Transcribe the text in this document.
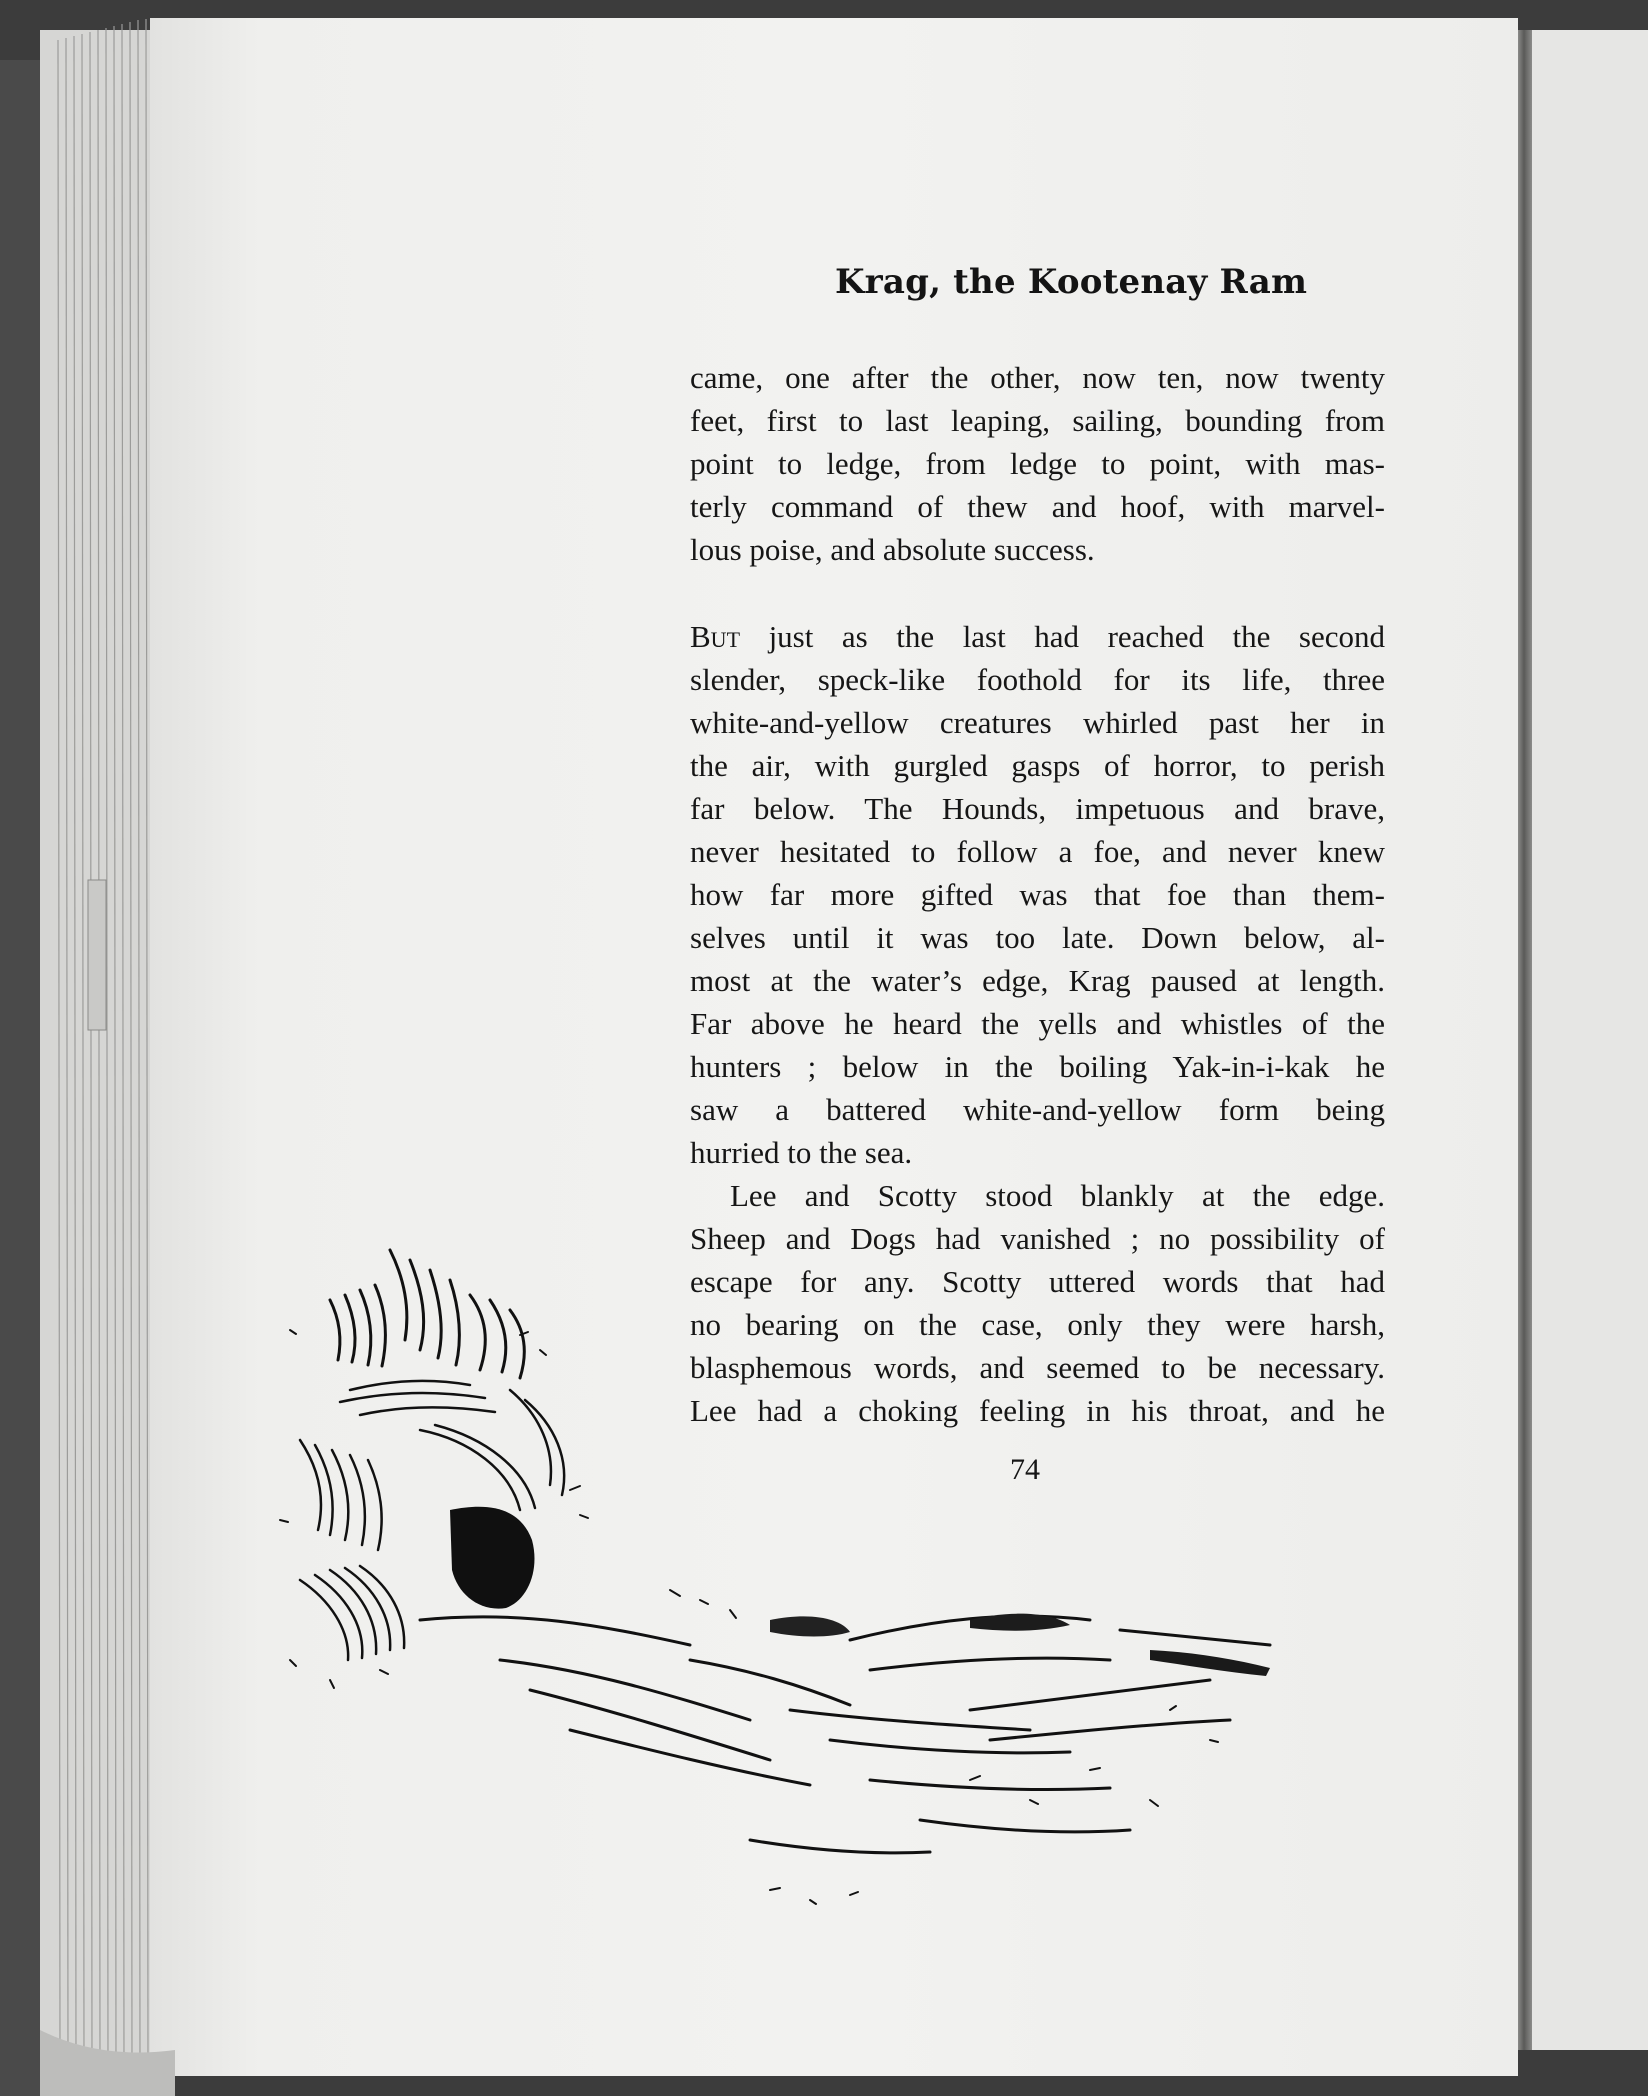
Krag, the Kootenay Ram

came, one after the other, now ten, now twenty
feet, first to last leaping, sailing, bounding from
point to ledge, from ledge to point, with mas-
terly command of thew and hoof, with marvel-
lous poise, and absolute success.

But just as the last had reached the second
slender, speck-like foothold for its life, three
white-and-yellow creatures whirled past her in
the air, with gurgled gasps of horror, to perish
far below. The Hounds, impetuous and brave,
never hesitated to follow a foe, and never knew
how far more gifted was that foe than them-
selves until it was too late. Down below, al-
most at the water’s edge, Krag paused at length.
Far above he heard the yells and whistles of the
hunters ; below in the boiling Yak-in-i-kak he
saw a battered white-and-yellow form being
hurried to the sea.

Lee and Scotty stood blankly at the edge.
Sheep and Dogs had vanished ; no possibility of
escape for any. Scotty uttered words that had
no bearing on the case, only they were harsh,
blasphemous words, and seemed to be necessary.
Lee had a choking feeling in his throat, and he

74
